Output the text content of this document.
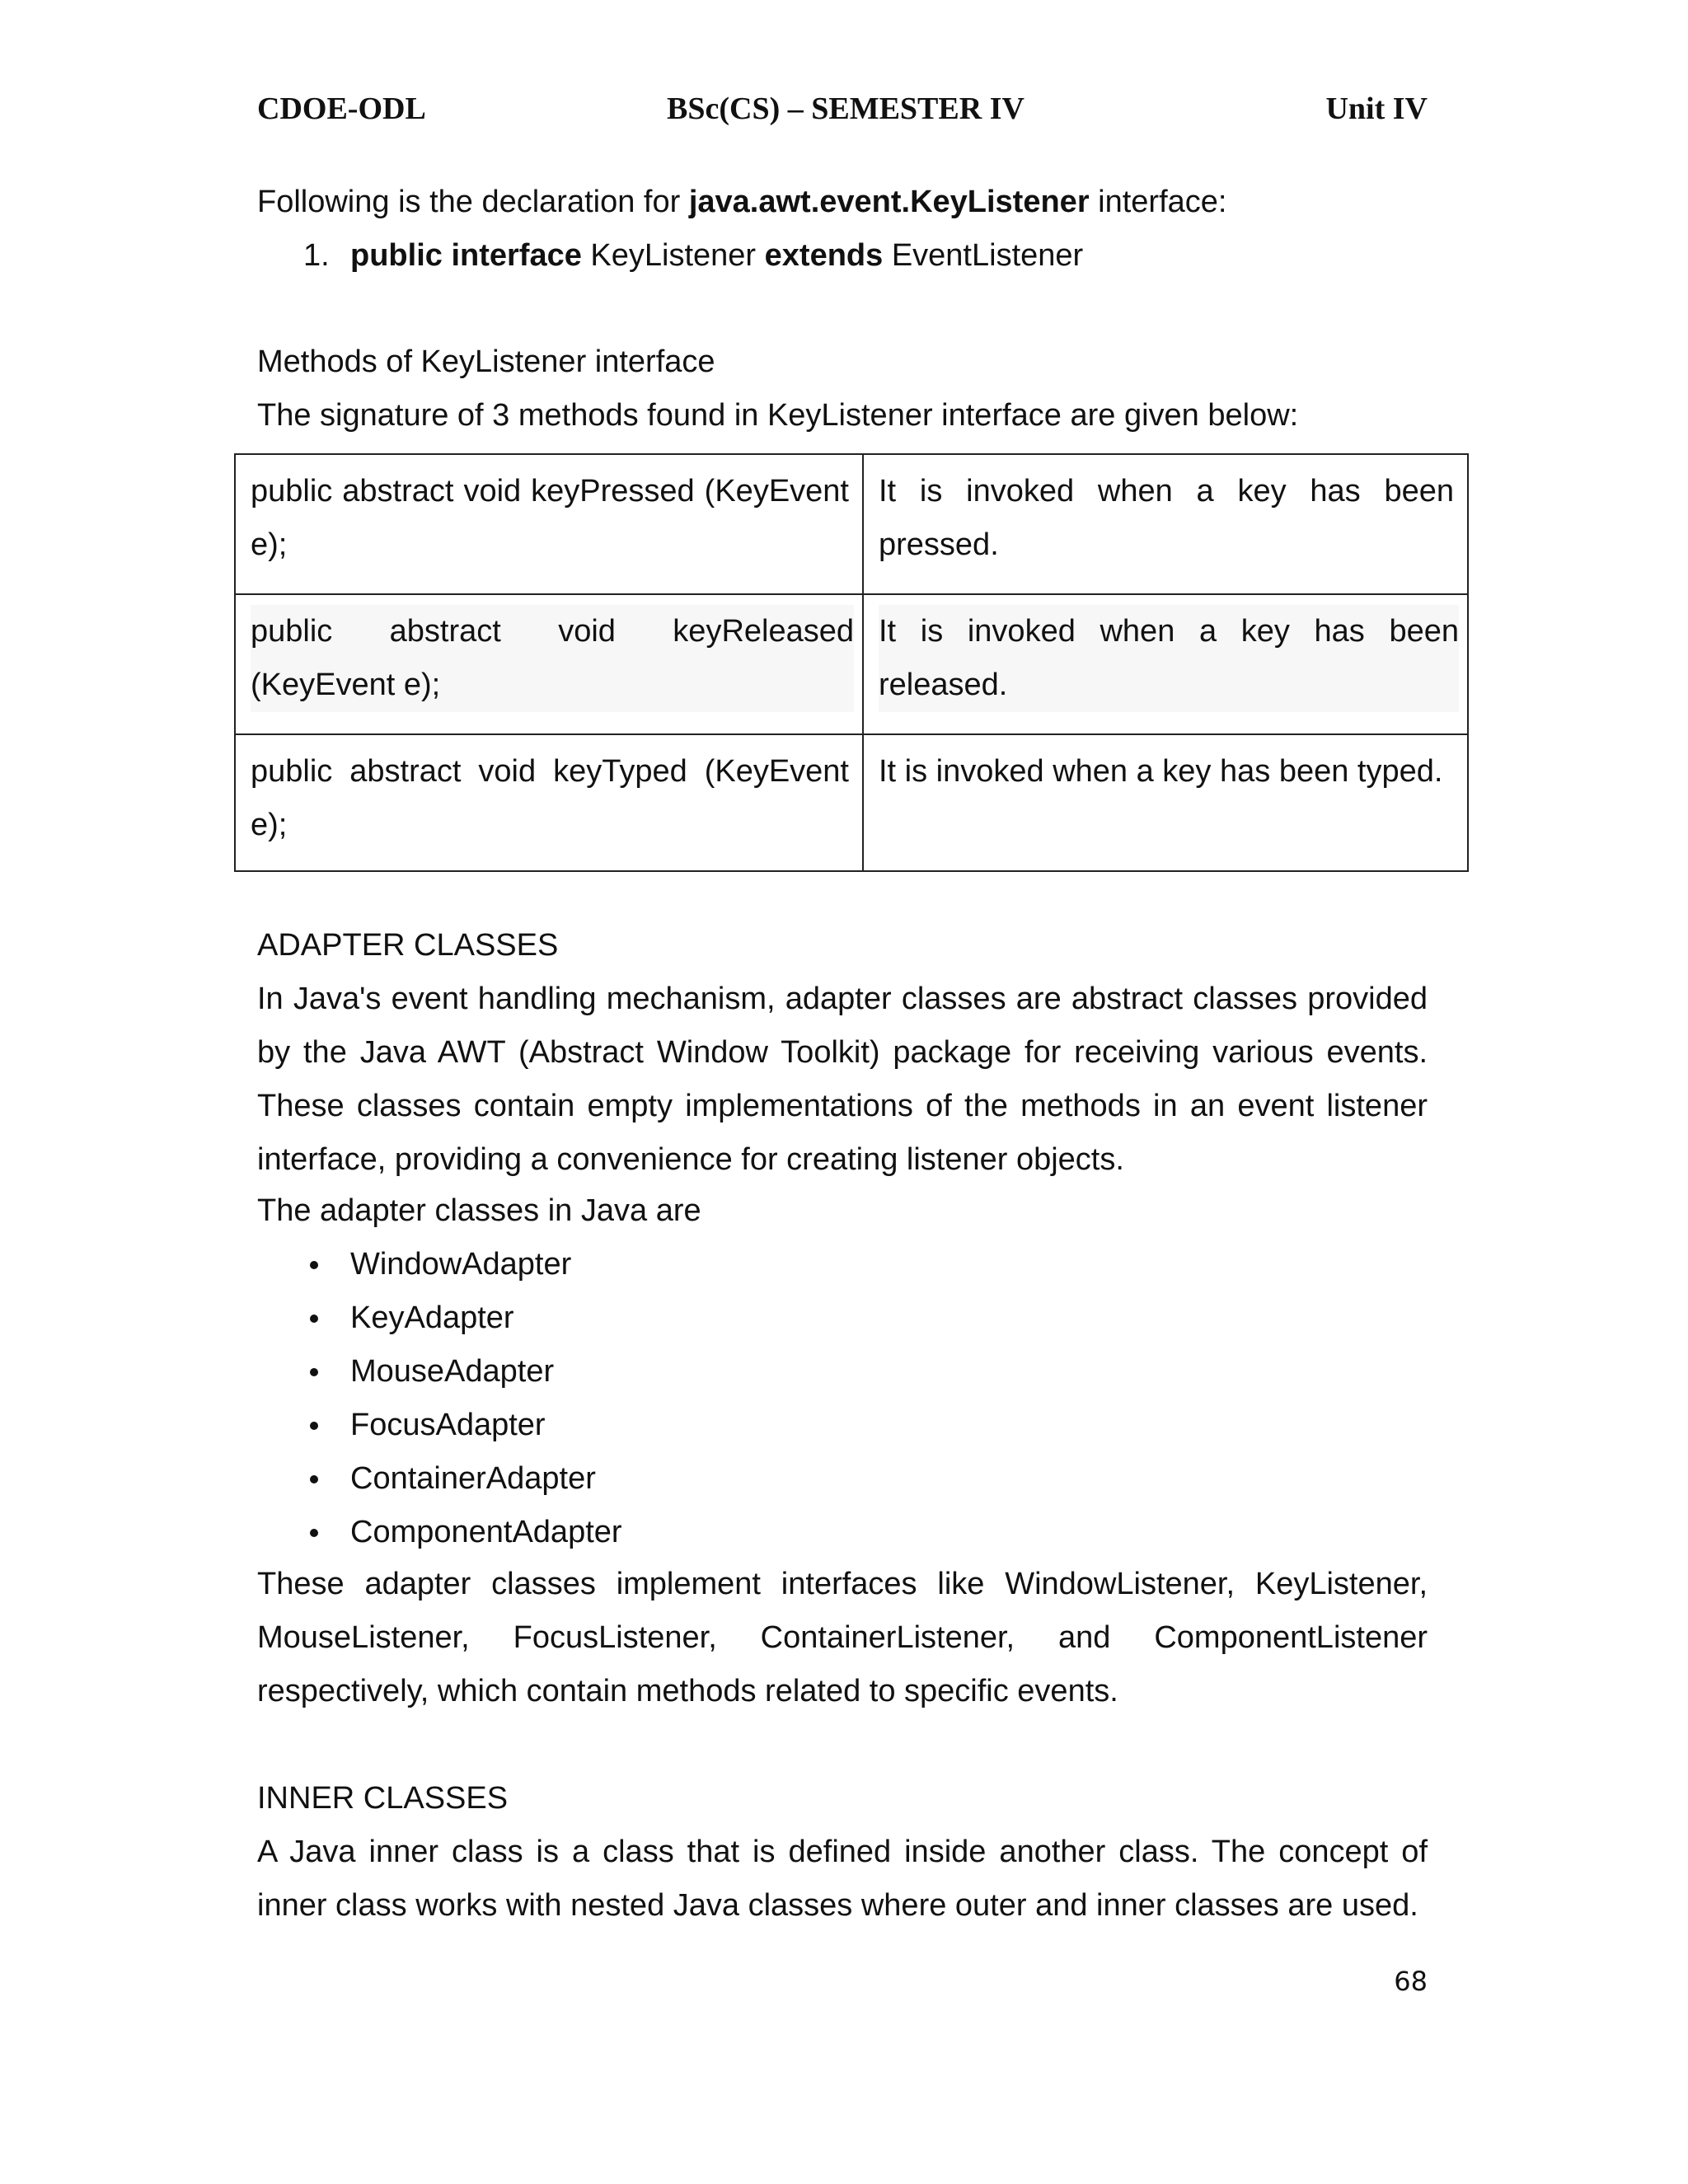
CDOE-ODL	BSc(CS) – SEMESTER IV	Unit IV
Following is the declaration for java.awt.event.KeyListener interface:
1. public interface KeyListener extends EventListener
Methods of KeyListener interface
The signature of 3 methods found in KeyListener interface are given below:
public abstract void keyPressed (KeyEvent e);
It is invoked when a key has been pressed.
public abstract void keyReleased (KeyEvent e);
It is invoked when a key has been released.
public abstract void keyTyped (KeyEvent e);
It is invoked when a key has been typed.
ADAPTER CLASSES
In Java's event handling mechanism, adapter classes are abstract classes provided by the Java AWT (Abstract Window Toolkit) package for receiving various events. These classes contain empty implementations of the methods in an event listener interface, providing a convenience for creating listener objects.
The adapter classes in Java are
WindowAdapter
KeyAdapter
MouseAdapter
FocusAdapter
ContainerAdapter
ComponentAdapter
These adapter classes implement interfaces like WindowListener, KeyListener, MouseListener, FocusListener, ContainerListener, and ComponentListener respectively, which contain methods related to specific events.
INNER CLASSES
A Java inner class is a class that is defined inside another class. The concept of inner class works with nested Java classes where outer and inner classes are used.
68
